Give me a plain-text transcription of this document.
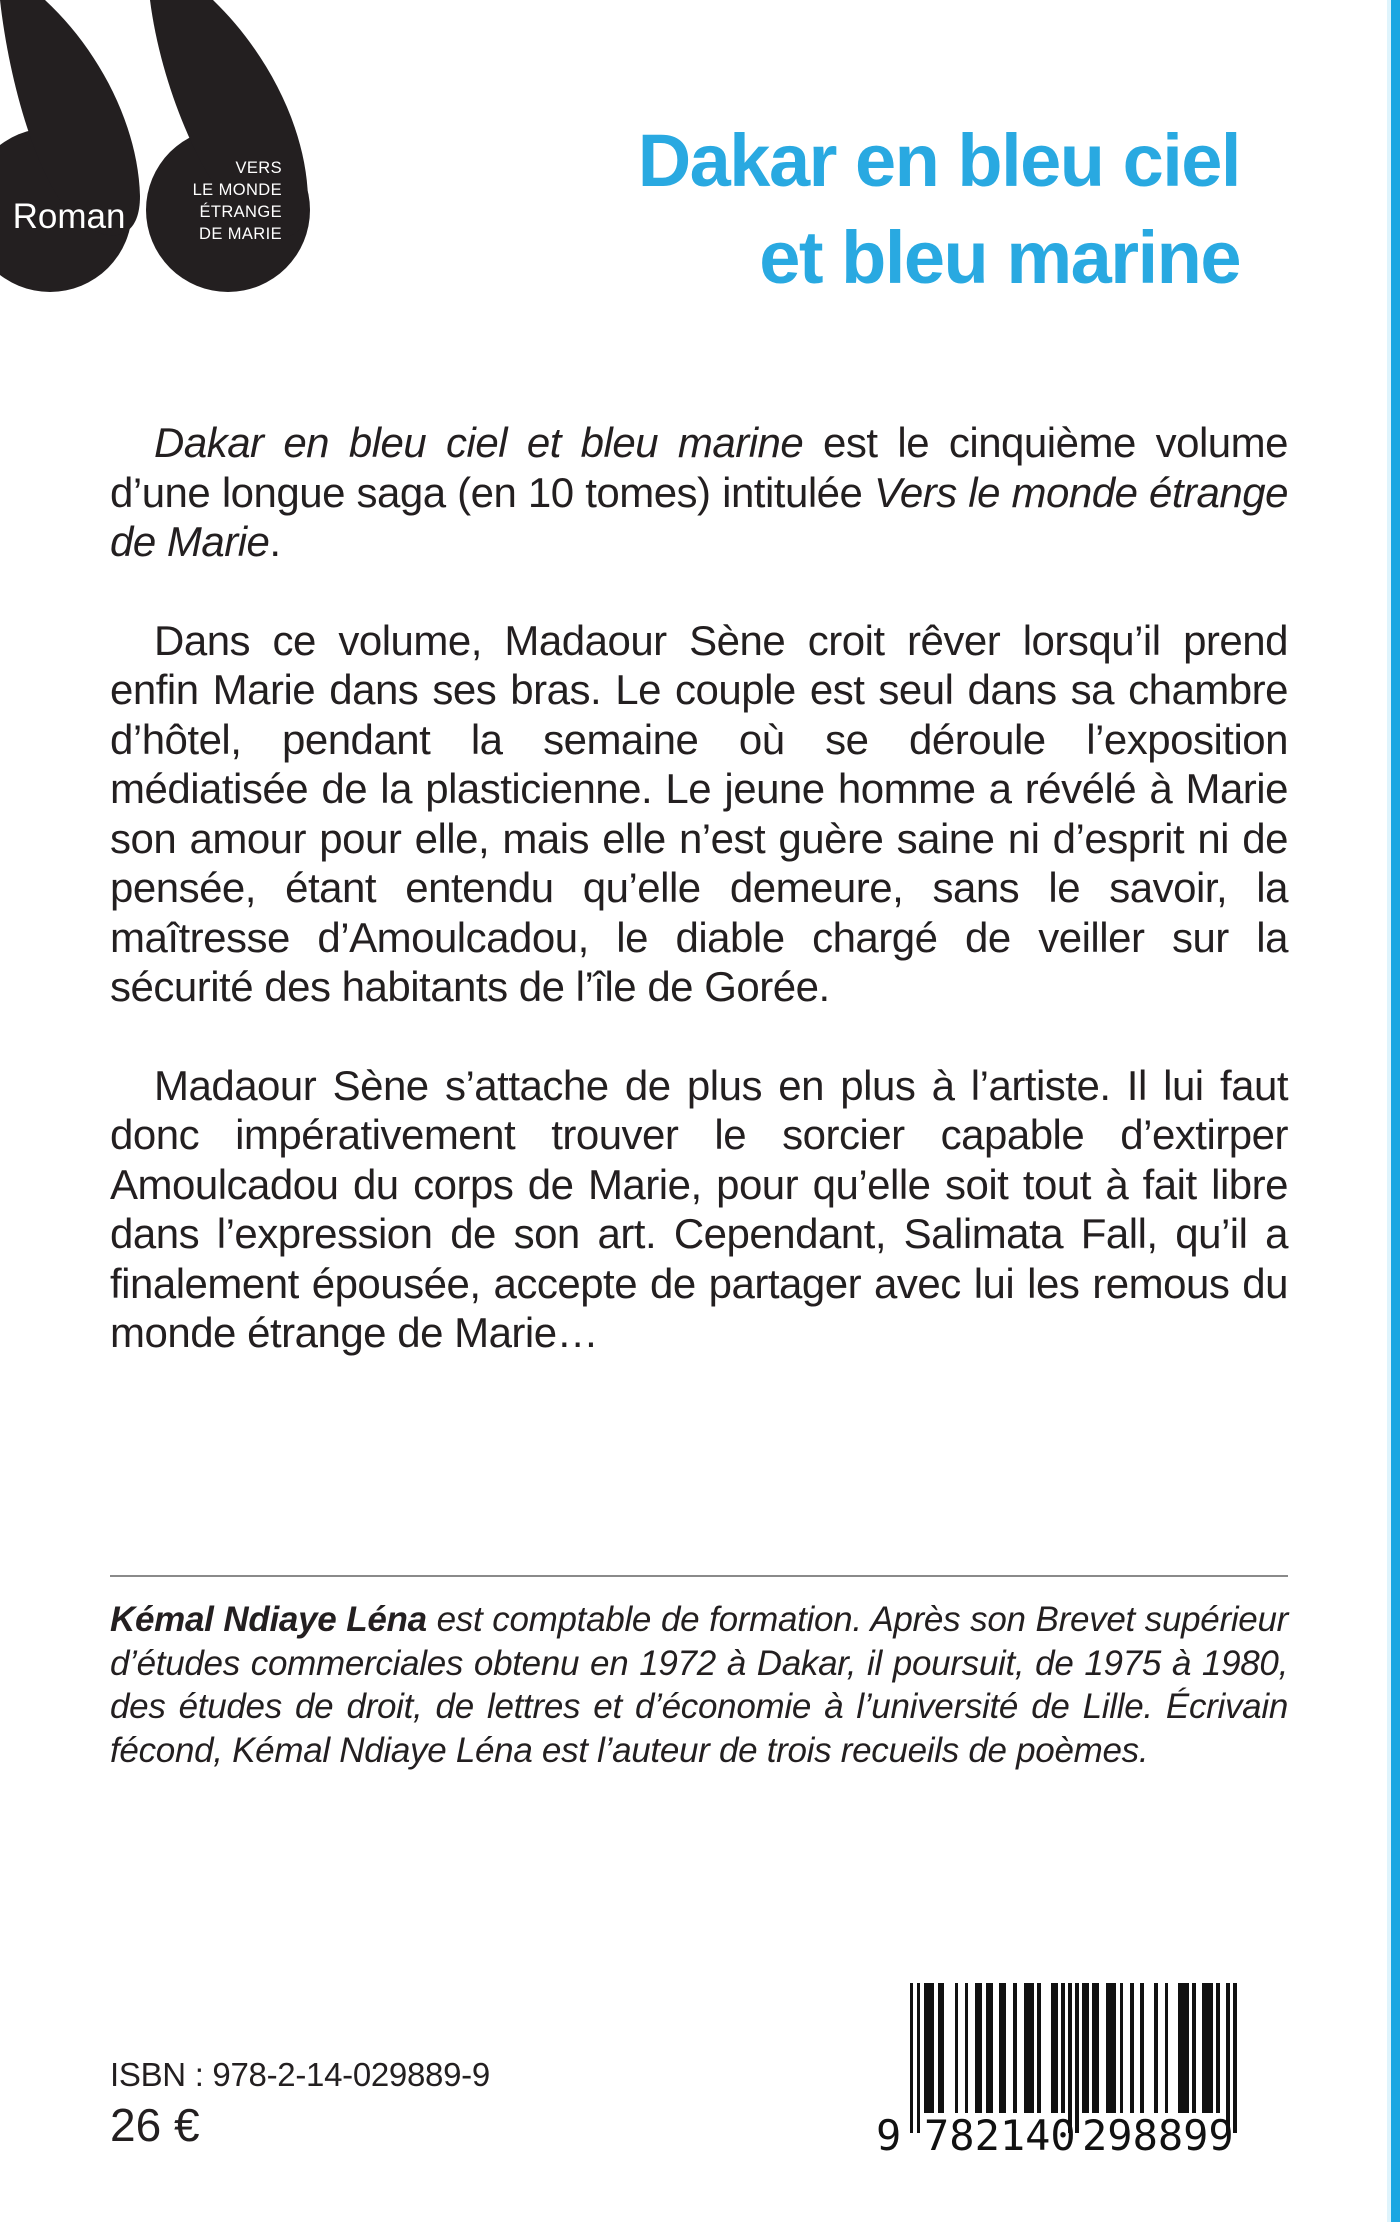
Roman
VERS
LE MONDE
ÉTRANGE
DE MARIE
Dakar en bleu ciel
et bleu marine

Dakar en bleu ciel et bleu marine est le cinquième volume d’une longue saga (en 10 tomes) intitulée Vers le monde étrange de Marie.

Dans ce volume, Madaour Sène croit rêver lorsqu’il prend enfin Marie dans ses bras. Le couple est seul dans sa chambre d’hôtel, pendant la semaine où se déroule l’exposition médiatisée de la plasticienne. Le jeune homme a révélé à Marie son amour pour elle, mais elle n’est guère saine ni d’esprit ni de pensée, étant entendu qu’elle demeure, sans le savoir, la maîtresse d’Amoulcadou, le diable chargé de veiller sur la sécurité des habitants de l’île de Gorée.

Madaour Sène s’attache de plus en plus à l’artiste. Il lui faut donc impérativement trouver le sorcier capable d’extirper Amoulcadou du corps de Marie, pour qu’elle soit tout à fait libre dans l’expression de son art. Cependant, Salimata Fall, qu’il a finalement épousée, accepte de partager avec lui les remous du monde étrange de Marie…

Kémal Ndiaye Léna est comptable de formation. Après son Brevet supérieur d’études commerciales obtenu en 1972 à Dakar, il poursuit, de 1975 à 1980, des études de droit, de lettres et d’économie à l’université de Lille. Écrivain fécond, Kémal Ndiaye Léna est l’auteur de trois recueils de poèmes.

ISBN : 978-2-14-029889-9
26 €	9 782140 298899
